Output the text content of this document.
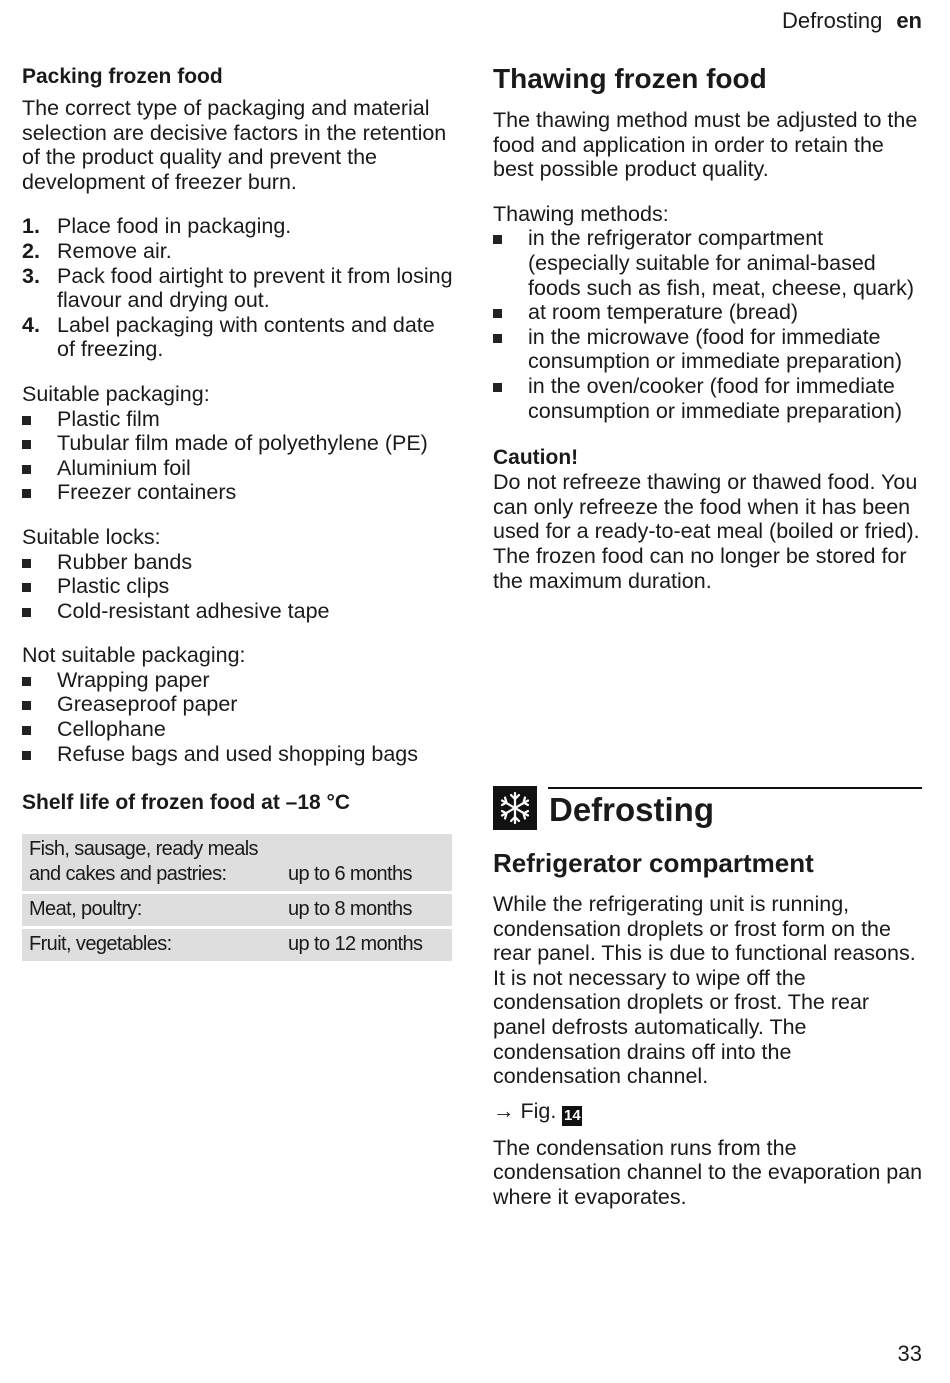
Defrosting en
Packing frozen food

The correct type of packaging and material selection are decisive factors in the retention of the product quality and prevent the development of freezer burn.

1. Place food in packaging.
2. Remove air.
3. Pack food airtight to prevent it from losing flavour and drying out.
4. Label packaging with contents and date of freezing.

Suitable packaging:

Plastic film
Tubular film made of polyethylene (PE)
Aluminium foil
Freezer containers

Suitable locks:

Rubber bands
Plastic clips
Cold-resistant adhesive tape

Not suitable packaging:

Wrapping paper
Greaseproof paper
Cellophane
Refuse bags and used shopping bags
Shelf life of frozen food at –18 °C
Fish, sausage, ready meals and cakes and pastries:	up to 6 months
Meat, poultry:	up to 8 months
Fruit, vegetables:	up to 12 months
Thawing frozen food

The thawing method must be adjusted to the food and application in order to retain the best possible product quality.

Thawing methods:

in the refrigerator compartment (especially suitable for animal-based foods such as fish, meat, cheese, quark)
at room temperature (bread)
in the microwave (food for immediate consumption or immediate preparation)
in the oven/cooker (food for immediate consumption or immediate preparation)
Caution!

Do not refreeze thawing or thawed food. You can only refreeze the food when it has been used for a ready-to-eat meal (boiled or fried).

The frozen food can no longer be stored for the maximum duration.

Defrosting
Refrigerator compartment

While the refrigerating unit is running, condensation droplets or frost form on the rear panel. This is due to functional reasons. It is not necessary to wipe off the condensation droplets or frost. The rear panel defrosts automatically. The condensation drains off into the condensation channel.

→ Fig. 14

The condensation runs from the condensation channel to the evaporation pan where it evaporates.

33
